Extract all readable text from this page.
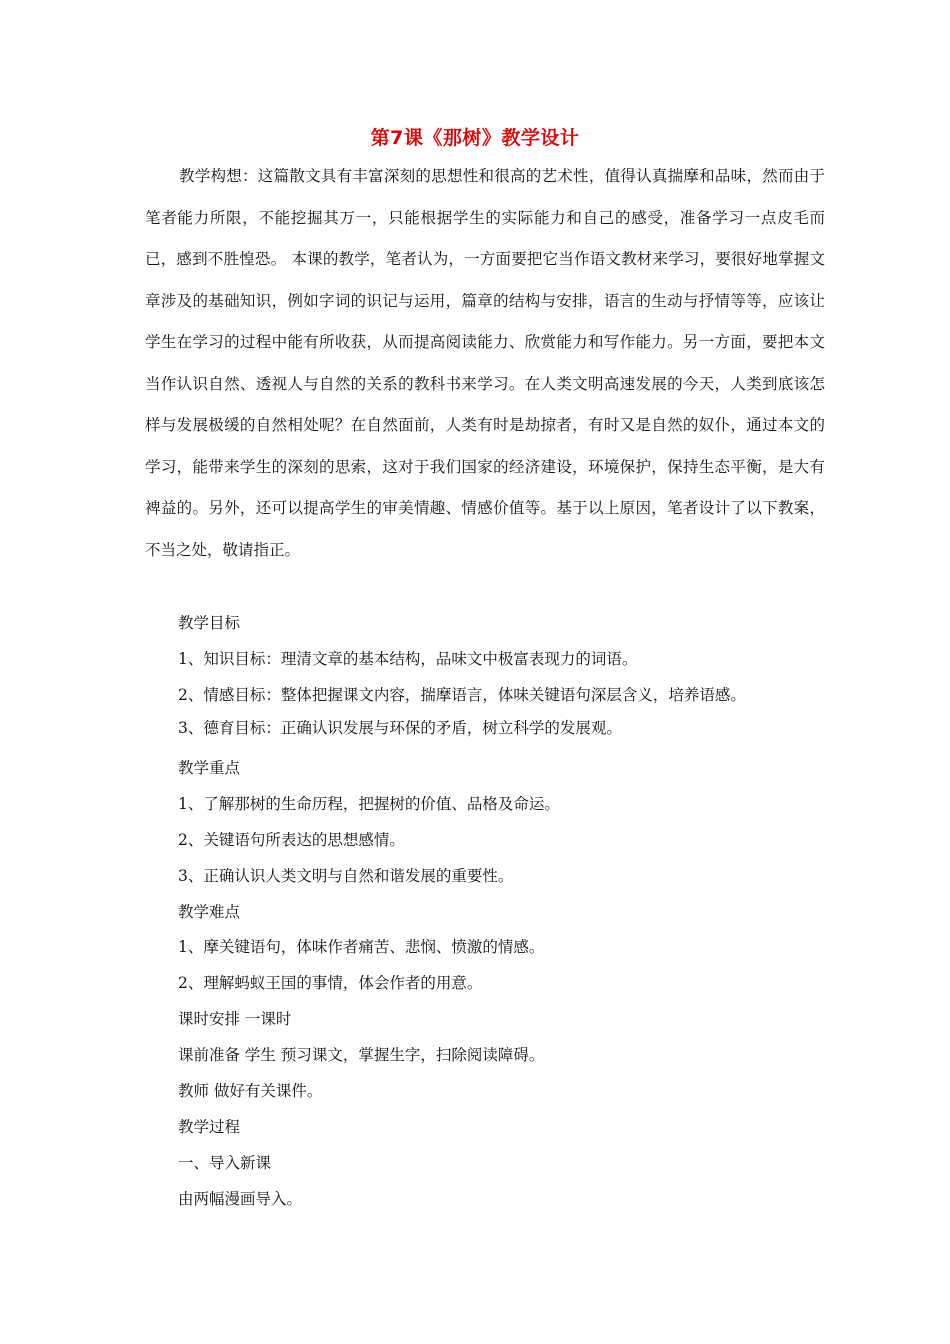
第7课《那树》教学设计

教学构想：这篇散文具有丰富深刻的思想性和很高的艺术性，值得认真揣摩和品味，然而由于笔者能力所限，不能挖掘其万一，只能根据学生的实际能力和自己的感受，准备学习一点皮毛而已，感到不胜惶恐。 本课的教学，笔者认为，一方面要把它当作语文教材来学习，要很好地掌握文章涉及的基础知识，例如字词的识记与运用，篇章的结构与安排，语言的生动与抒情等等，应该让学生在学习的过程中能有所收获，从而提高阅读能力、欣赏能力和写作能力。另一方面，要把本文当作认识自然、透视人与自然的关系的教科书来学习。在人类文明高速发展的今天，人类到底该怎样与发展极缓的自然相处呢？在自然面前，人类有时是劫掠者，有时又是自然的奴仆，通过本文的学习，能带来学生的深刻的思索，这对于我们国家的经济建设，环境保护，保持生态平衡，是大有裨益的。另外，还可以提高学生的审美情趣、情感价值等。基于以上原因，笔者设计了以下教案，不当之处，敬请指正。

教学目标

1、知识目标：理清文章的基本结构，品味文中极富表现力的词语。

2、情感目标：整体把握课文内容，揣摩语言，体味关键语句深层含义，培养语感。

3、德育目标：正确认识发展与环保的矛盾，树立科学的发展观。

教学重点

1、了解那树的生命历程，把握树的价值、品格及命运。

2、关键语句所表达的思想感情。

3、正确认识人类文明与自然和谐发展的重要性。

教学难点

1、摩关键语句，体味作者痛苦、悲悯、愤激的情感。

2、理解蚂蚁王国的事情，体会作者的用意。

课时安排 一课时

课前准备 学生 预习课文，掌握生字，扫除阅读障碍。

教师 做好有关课件。

教学过程

一、导入新课

由两幅漫画导入。
